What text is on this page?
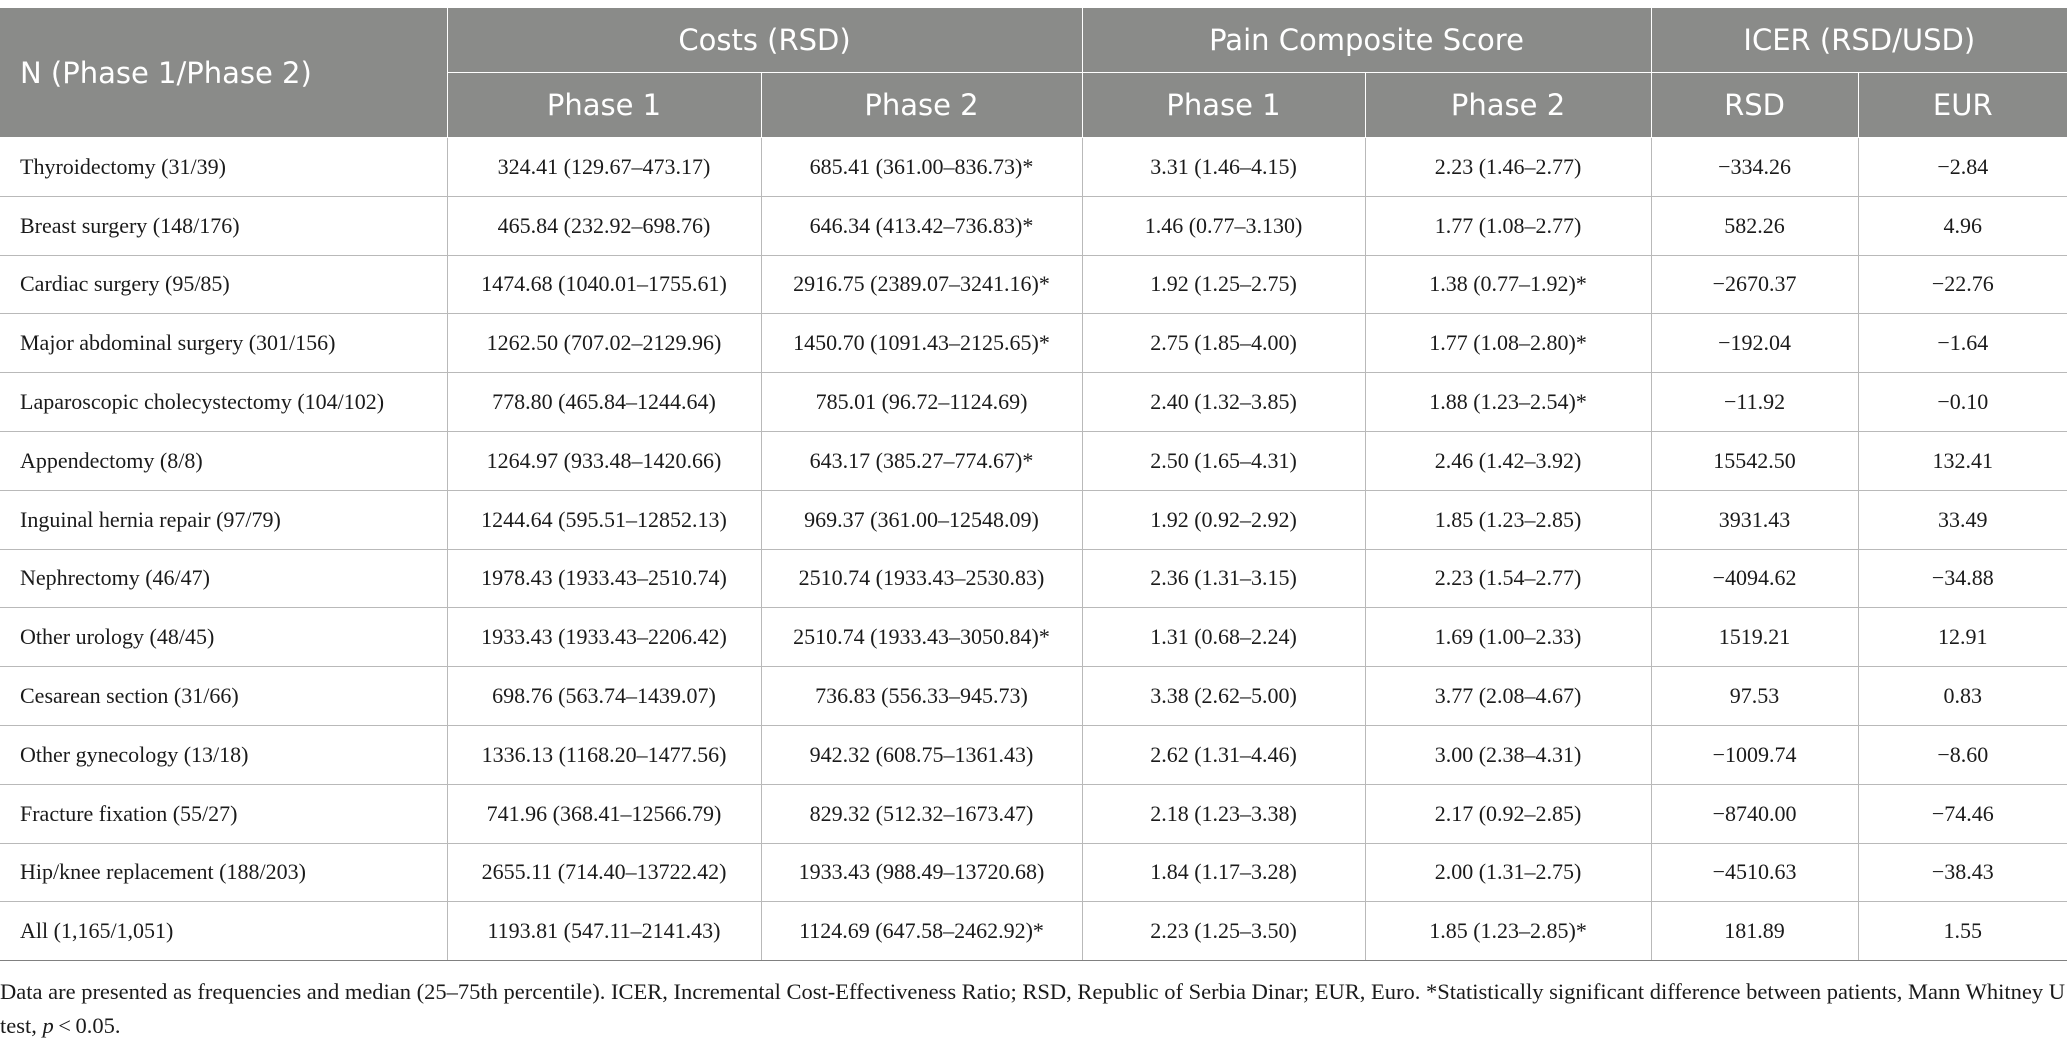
N (Phase 1/Phase 2)	Costs (RSD)		Pain Composite Score		ICER (RSD/USD)	
	Phase 1	Phase 2	Phase 1	Phase 2	RSD	EUR
Thyroidectomy (31/39)	324.41 (129.67–473.17)	685.41 (361.00–836.73)*	3.31 (1.46–4.15)	2.23 (1.46–2.77)	−334.26	−2.84
Breast surgery (148/176)	465.84 (232.92–698.76)	646.34 (413.42–736.83)*	1.46 (0.77–3.130)	1.77 (1.08–2.77)	582.26	4.96
Cardiac surgery (95/85)	1474.68 (1040.01–1755.61)	2916.75 (2389.07–3241.16)*	1.92 (1.25–2.75)	1.38 (0.77–1.92)*	−2670.37	−22.76
Major abdominal surgery (301/156)	1262.50 (707.02–2129.96)	1450.70 (1091.43–2125.65)*	2.75 (1.85–4.00)	1.77 (1.08–2.80)*	−192.04	−1.64
Laparoscopic cholecystectomy (104/102)	778.80 (465.84–1244.64)	785.01 (96.72–1124.69)	2.40 (1.32–3.85)	1.88 (1.23–2.54)*	−11.92	−0.10
Appendectomy (8/8)	1264.97 (933.48–1420.66)	643.17 (385.27–774.67)*	2.50 (1.65–4.31)	2.46 (1.42–3.92)	15542.50	132.41
Inguinal hernia repair (97/79)	1244.64 (595.51–12852.13)	969.37 (361.00–12548.09)	1.92 (0.92–2.92)	1.85 (1.23–2.85)	3931.43	33.49
Nephrectomy (46/47)	1978.43 (1933.43–2510.74)	2510.74 (1933.43–2530.83)	2.36 (1.31–3.15)	2.23 (1.54–2.77)	−4094.62	−34.88
Other urology (48/45)	1933.43 (1933.43–2206.42)	2510.74 (1933.43–3050.84)*	1.31 (0.68–2.24)	1.69 (1.00–2.33)	1519.21	12.91
Cesarean section (31/66)	698.76 (563.74–1439.07)	736.83 (556.33–945.73)	3.38 (2.62–5.00)	3.77 (2.08–4.67)	97.53	0.83
Other gynecology (13/18)	1336.13 (1168.20–1477.56)	942.32 (608.75–1361.43)	2.62 (1.31–4.46)	3.00 (2.38–4.31)	−1009.74	−8.60
Fracture fixation (55/27)	741.96 (368.41–12566.79)	829.32 (512.32–1673.47)	2.18 (1.23–3.38)	2.17 (0.92–2.85)	−8740.00	−74.46
Hip/knee replacement (188/203)	2655.11 (714.40–13722.42)	1933.43 (988.49–13720.68)	1.84 (1.17–3.28)	2.00 (1.31–2.75)	−4510.63	−38.43
All (1,165/1,051)	1193.81 (547.11–2141.43)	1124.69 (647.58–2462.92)*	2.23 (1.25–3.50)	1.85 (1.23–2.85)*	181.89	1.55

Data are presented as frequencies and median (25–75th percentile). ICER, Incremental Cost-Effectiveness Ratio; RSD, Republic of Serbia Dinar; EUR, Euro. *Statistically significant difference between patients, Mann Whitney U test, p < 0.05.
